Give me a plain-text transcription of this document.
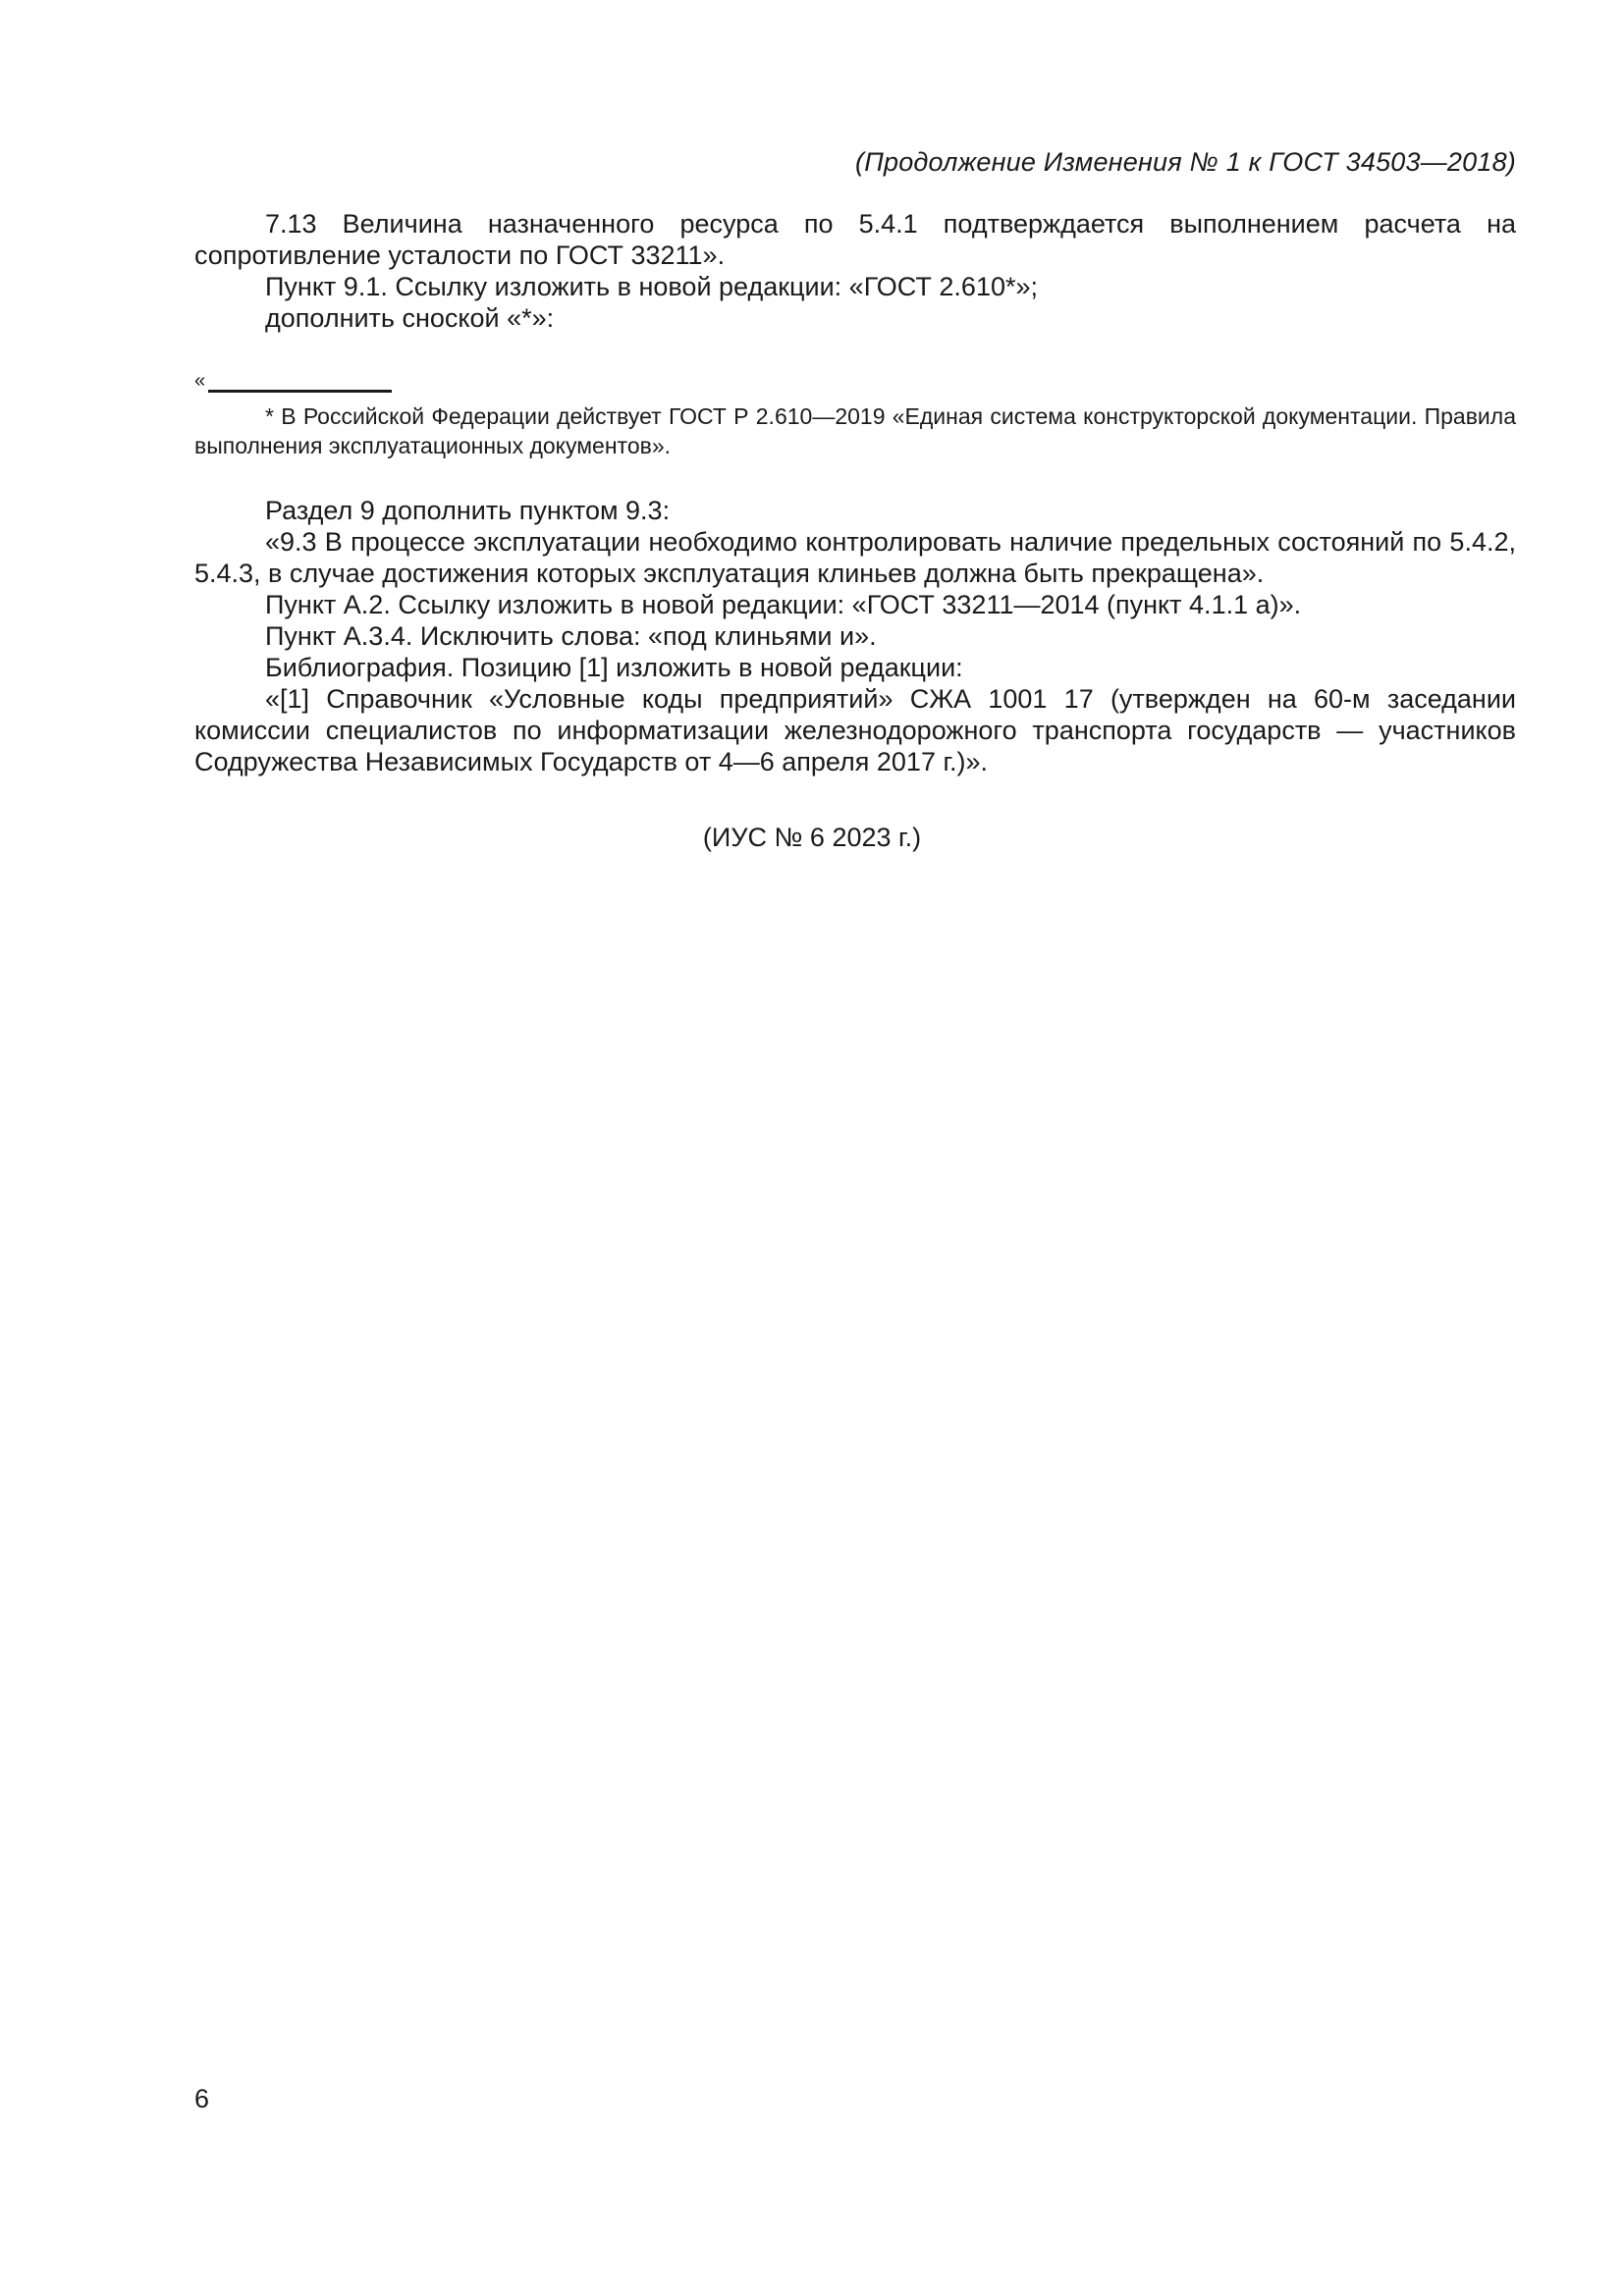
(Продолжение Изменения № 1 к ГОСТ 34503—2018)

7.13 Величина назначенного ресурса по 5.4.1 подтверждается выполнением расчета на сопротивление усталости по ГОСТ 33211».

Пункт 9.1. Ссылку изложить в новой редакции: «ГОСТ 2.610*»;

дополнить сноской «*»:

«

* В Российской Федерации действует ГОСТ Р 2.610—2019 «Единая система конструкторской документации. Правила выполнения эксплуатационных документов».

Раздел 9 дополнить пунктом 9.3:

«9.3 В процессе эксплуатации необходимо контролировать наличие предельных состояний по 5.4.2, 5.4.3, в случае достижения которых эксплуатация клиньев должна быть прекращена».

Пункт А.2. Ссылку изложить в новой редакции: «ГОСТ 33211—2014 (пункт 4.1.1 а)».

Пункт А.3.4. Исключить слова: «под клиньями и».

Библиография. Позицию [1] изложить в новой редакции:

«[1] Справочник «Условные коды предприятий» СЖА 1001 17 (утвержден на 60-м заседании комиссии специалистов по информатизации железнодорожного транспорта государств — участников Содружества Независимых Государств от 4—6 апреля 2017 г.)».

(ИУС № 6 2023 г.)
6
